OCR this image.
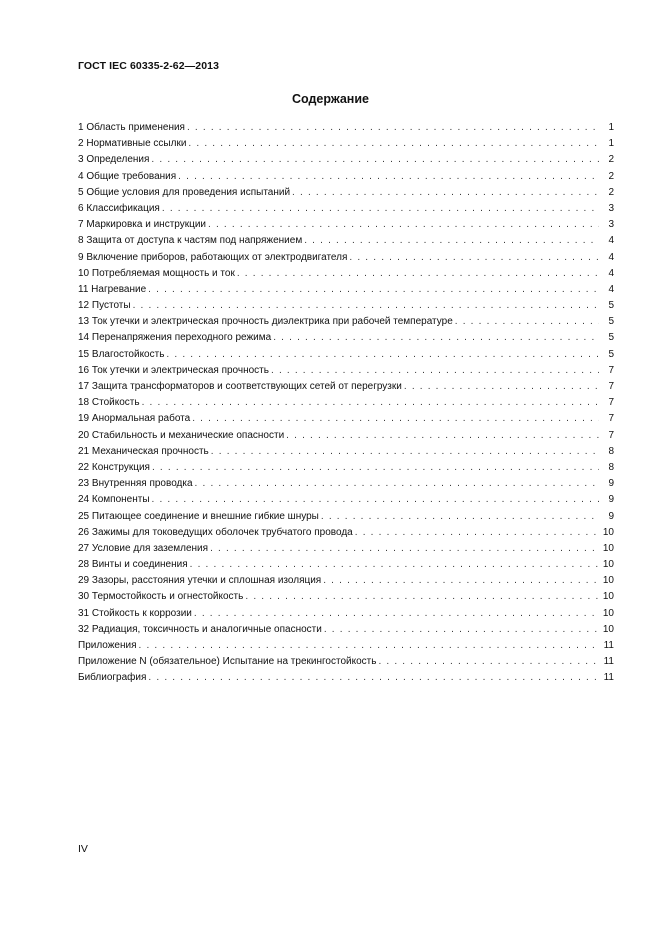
ГОСТ IEC 60335-2-62—2013
Содержание
1 Область применения . . .	1
2 Нормативные ссылки . . .	1
3 Определения . . .	2
4 Общие требования . . .	2
5 Общие условия для проведения испытаний . . .	2
6 Классификация . . .	3
7 Маркировка и инструкции . . .	3
8 Защита от доступа к частям под напряжением . . .	4
9 Включение приборов, работающих от электродвигателя . . .	4
10 Потребляемая мощность и ток . . .	4
11 Нагревание . . .	4
12 Пустоты . . .	5
13 Ток утечки и электрическая прочность диэлектрика при рабочей температуре . . .	5
14 Перенапряжения переходного режима . . .	5
15 Влагостойкость . . .	5
16 Ток утечки и электрическая прочность . . .	7
17 Защита трансформаторов и соответствующих сетей от перегрузки . . .	7
18 Стойкость . . .	7
19 Анормальная работа . . .	7
20 Стабильность и механические опасности . . .	7
21 Механическая прочность . . .	8
22 Конструкция . . .	8
23 Внутренняя проводка . . .	9
24 Компоненты . . .	9
25 Питающее соединение и внешние гибкие шнуры . . .	9
26 Зажимы для токоведущих оболочек трубчатого провода . . .	10
27 Условие для заземления . . .	10
28 Винты и соединения . . .	10
29 Зазоры, расстояния утечки и сплошная изоляция . . .	10
30 Термостойкость и огнестойкость . . .	10
31 Стойкость к коррозии . . .	10
32 Радиация, токсичность и аналогичные опасности . . .	10
Приложения . . .	11
Приложение N (обязательное) Испытание на трекингостойкость . . .	11
Библиография . . .	11
IV
